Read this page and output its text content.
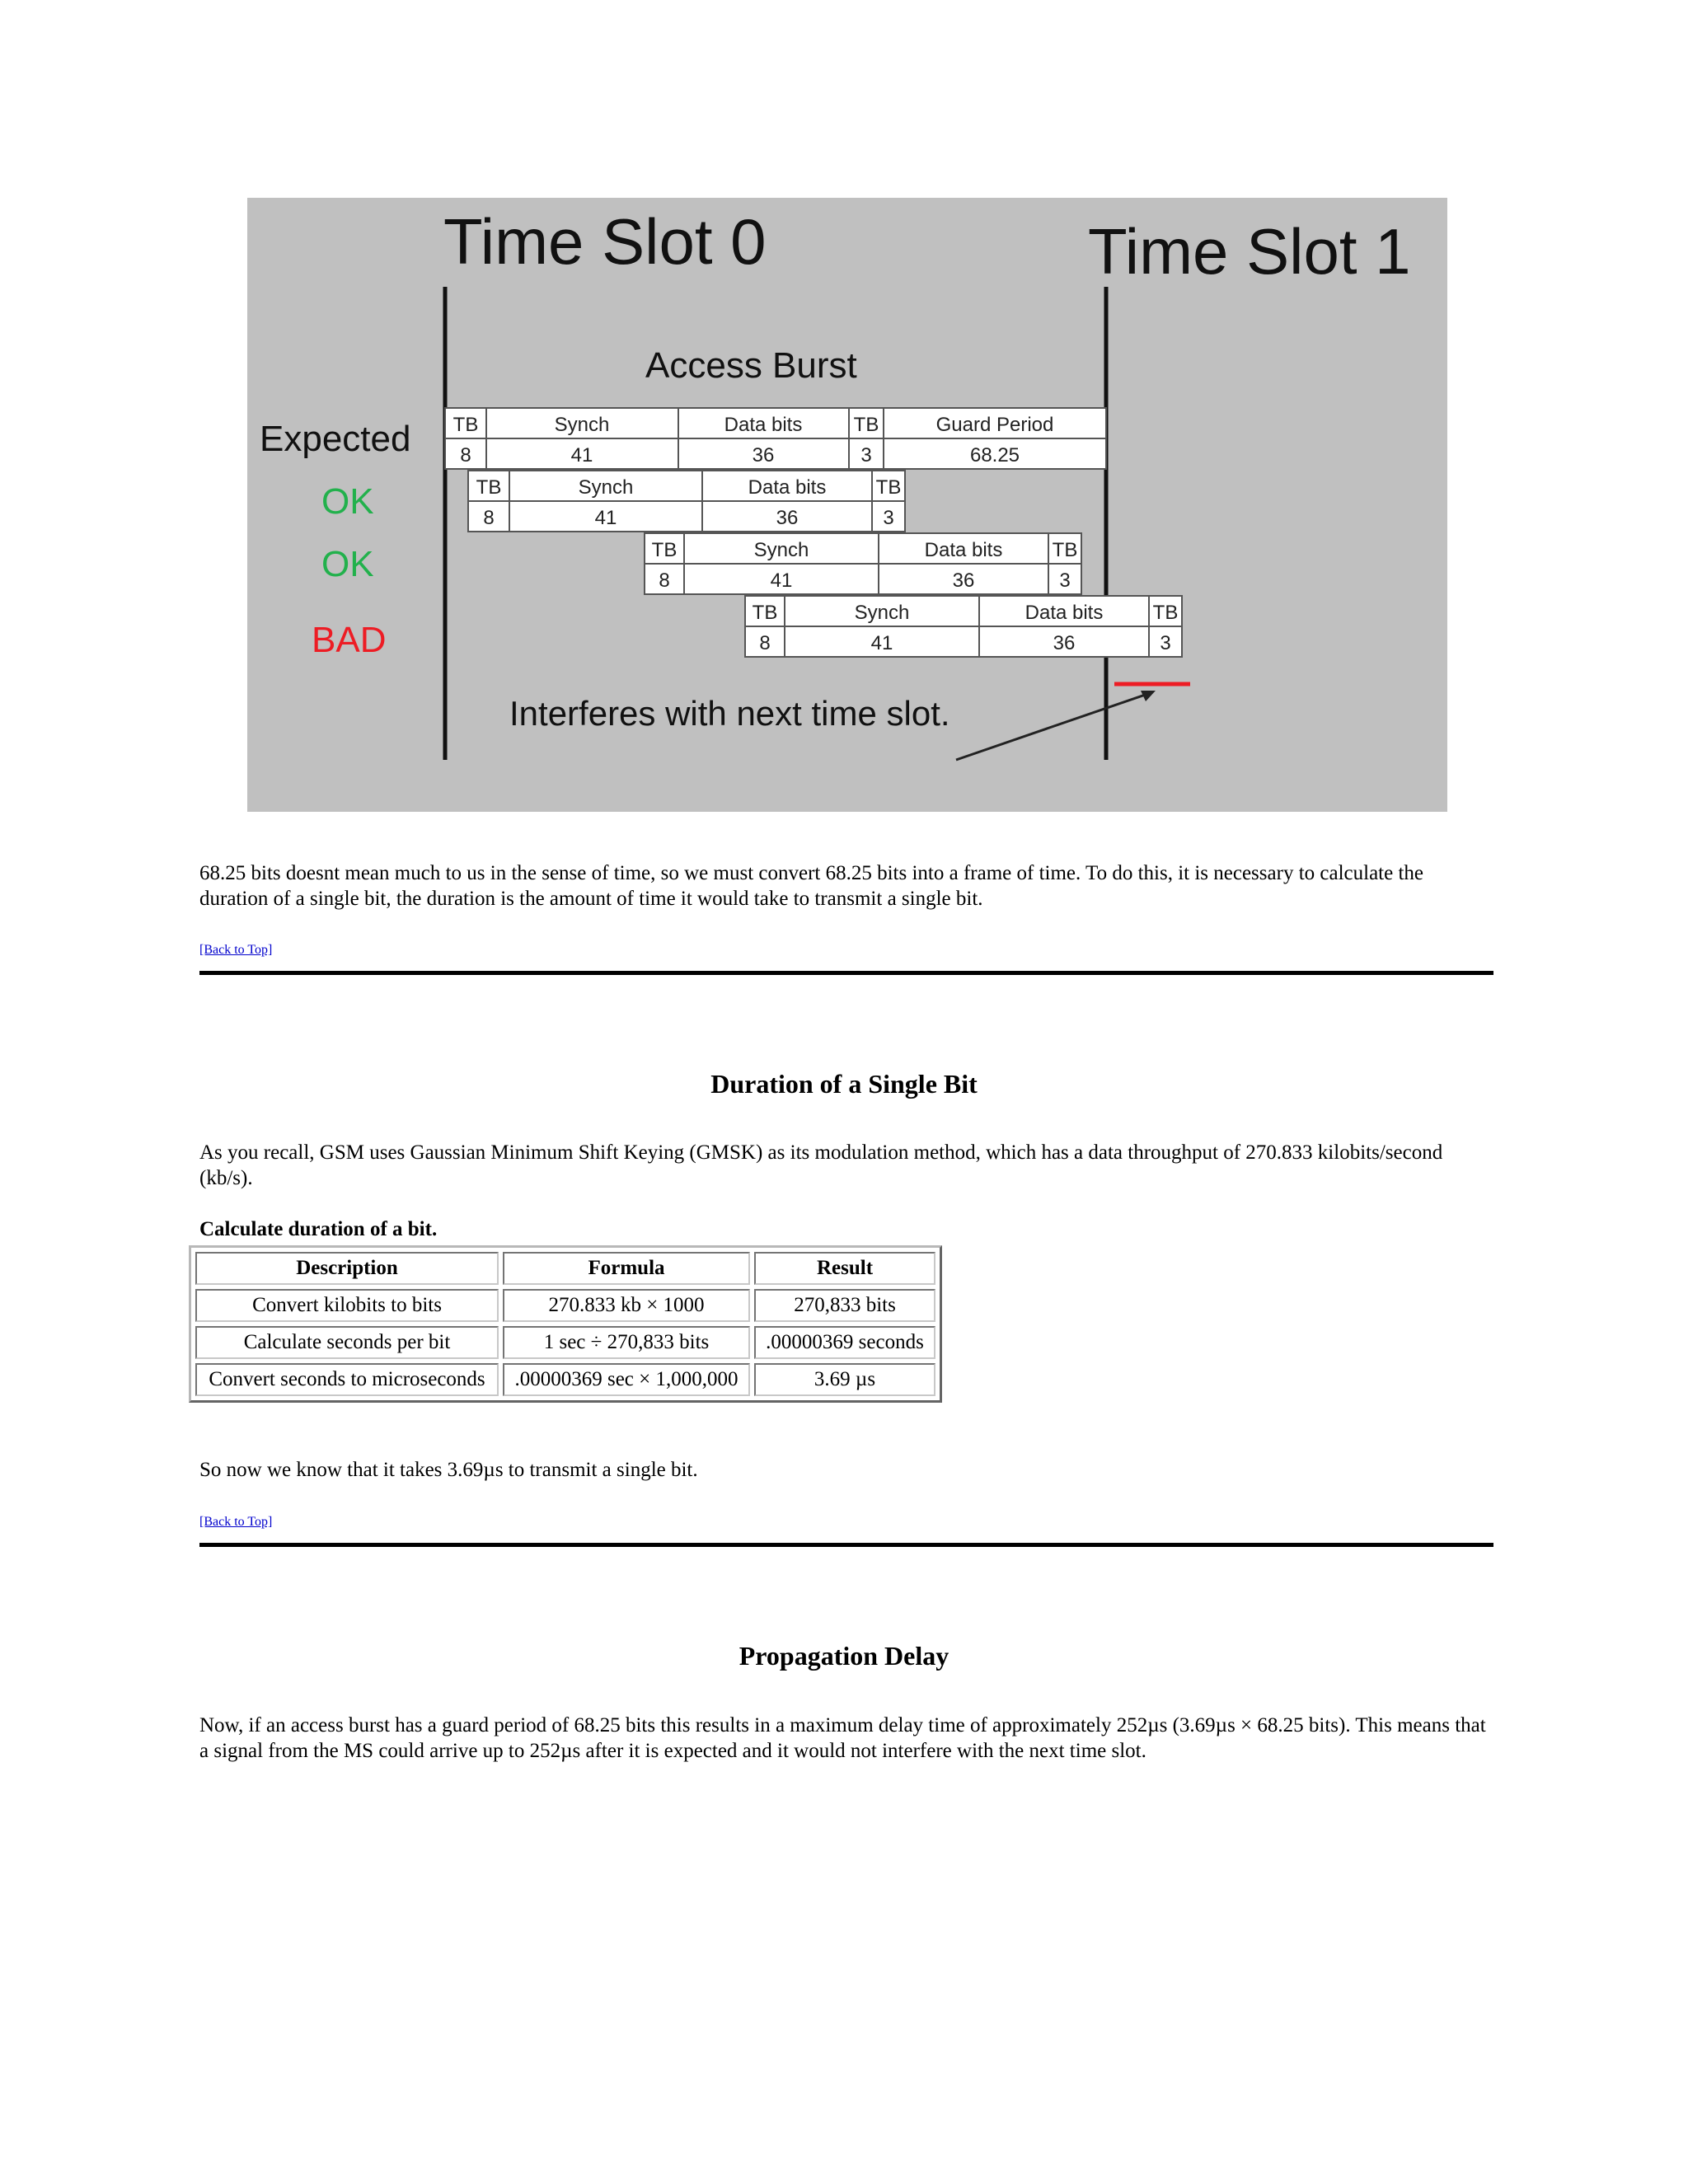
Time Slot 0	Time Slot 1
Access Burst
Expected
OK
OK
BAD
Interferes with next time slot.
TB	Synch	Data bits	TB	Guard Period
8	41	36	3	68.25
TB	Synch	Data bits	TB
8	41	36	3
TB	Synch	Data bits	TB
8	41	36	3
TB	Synch	Data bits	TB
8	41	36	3

68.25 bits doesnt mean much to us in the sense of time, so we must convert 68.25 bits into a frame of time. To do this, it is necessary to calculate the duration of a single bit, the duration is the amount of time it would take to transmit a single bit.

[Back to Top]
Duration of a Single Bit

As you recall, GSM uses Gaussian Minimum Shift Keying (GMSK) as its modulation method, which has a data throughput of 270.833 kilobits/second (kb/s).

Calculate duration of a bit.
Description	Formula	Result
Convert kilobits to bits	270.833 kb × 1000	270,833 bits
Calculate seconds per bit	1 sec ÷ 270,833 bits	.00000369 seconds
Convert seconds to microseconds	.00000369 sec × 1,000,000	3.69 µs

So now we know that it takes 3.69µs to transmit a single bit.

[Back to Top]
Propagation Delay

Now, if an access burst has a guard period of 68.25 bits this results in a maximum delay time of approximately 252µs (3.69µs × 68.25 bits). This means that a signal from the MS could arrive up to 252µs after it is expected and it would not interfere with the next time slot.
